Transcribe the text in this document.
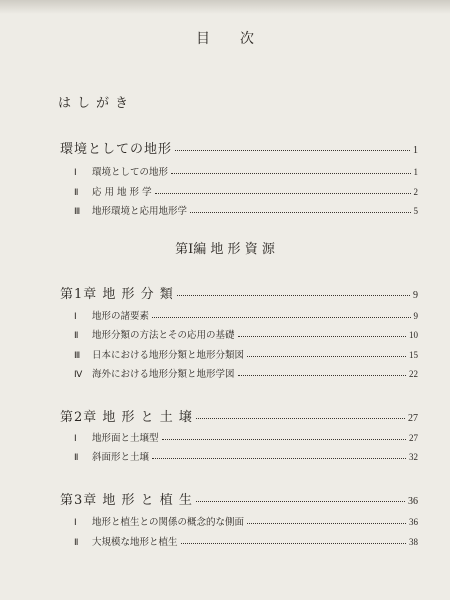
目 次
はしがき
環境としての地形	1
Ⅰ	環境としての地形	1
Ⅱ	応 用 地 形 学	2
Ⅲ	地形環境と応用地形学	5
第Ⅰ編 地 形 資 源
第1章 地 形 分 類	9
Ⅰ	地形の諸要素	9
Ⅱ	地形分類の方法とその応用の基礎	10
Ⅲ	日本における地形分類と地形分類図	15
Ⅳ	海外における地形分類と地形学図	22
第2章 地 形 と 土 壌	27
Ⅰ	地形面と土壌型	27
Ⅱ	斜面形と土壌	32
第3章 地 形 と 植 生	36
Ⅰ	地形と植生との関係の概念的な側面	36
Ⅱ	大規模な地形と植生	38
